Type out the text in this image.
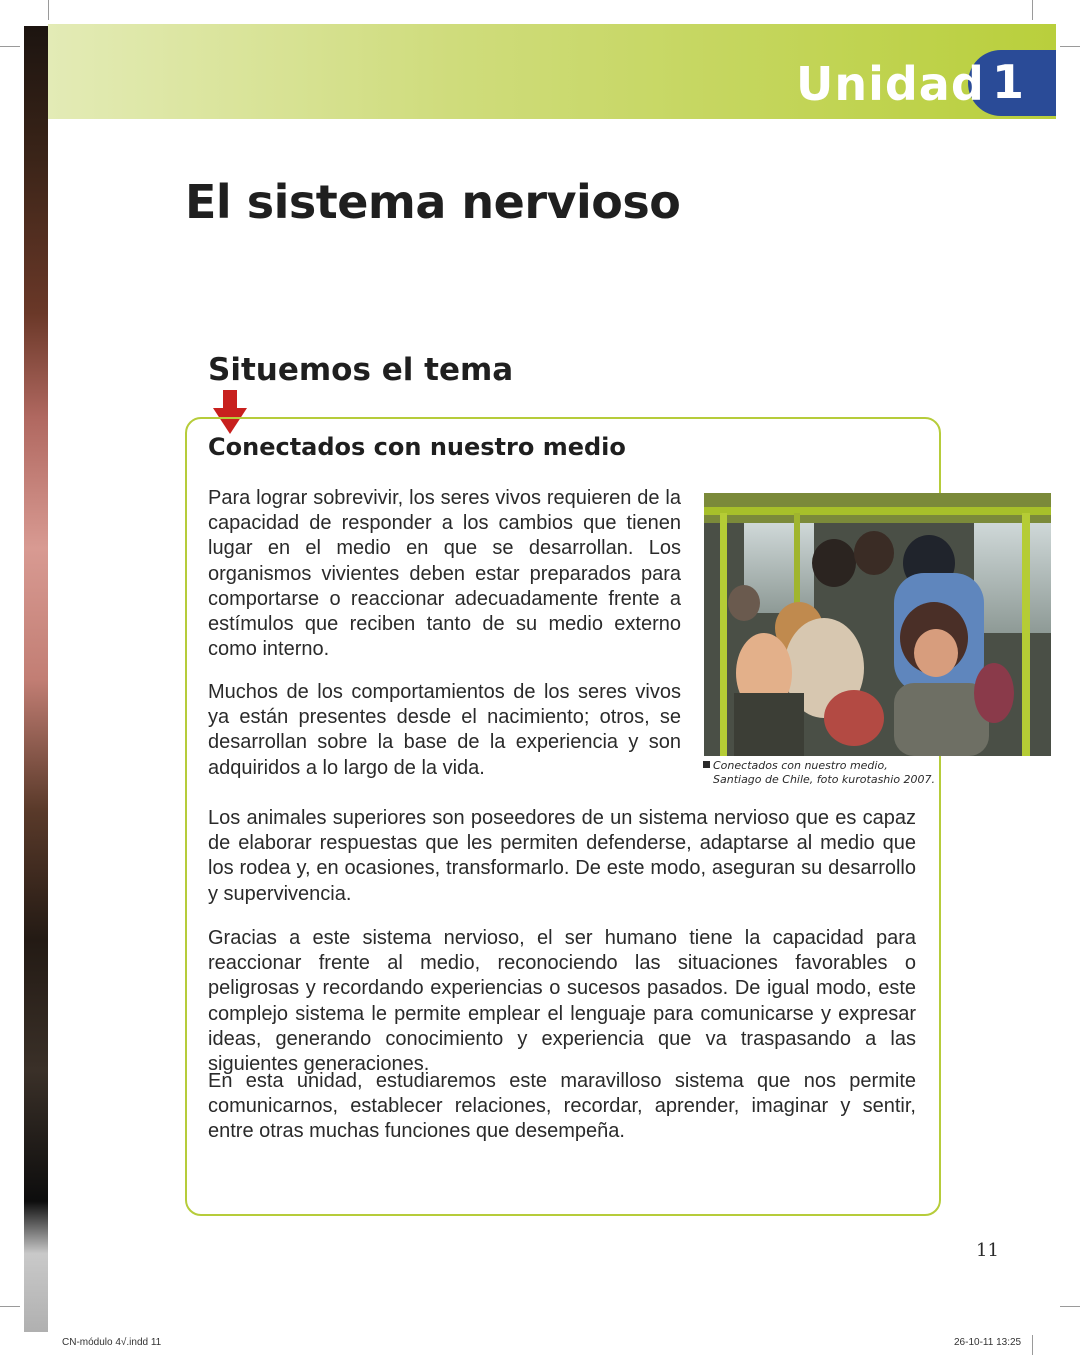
Unidad 1
El sistema nervioso
Situemos el tema
Conectados con nuestro medio

Para lograr sobrevivir, los seres vivos requieren de la capacidad de responder a los cambios que tienen lugar en el medio en que se desarrollan. Los organismos vivientes deben estar preparados para comportarse o reaccionar adecuadamente frente a estímulos que reciben tanto de su medio externo como interno.

Muchos de los comportamientos de los seres vivos ya están presentes desde el nacimiento; otros, se desarrollan sobre la base de la experiencia y son adquiridos a lo largo de la vida.	Conectados con nuestro medio,
Santiago de Chile, foto kurotashio 2007.

Los animales superiores son poseedores de un sistema nervioso que es capaz de elaborar respuestas que les permiten defenderse, adaptarse al medio que los rodea y, en ocasiones, transformarlo. De este modo, aseguran su desarrollo y supervivencia.

Gracias a este sistema nervioso, el ser humano tiene la capacidad para reaccionar frente al medio, reconociendo las situaciones favorables o peligrosas y recordando experiencias o sucesos pasados. De igual modo, este complejo sistema le permite emplear el lenguaje para comunicarse y expresar ideas, generando conocimiento y experiencia que va traspasando a las siguientes generaciones.

En esta unidad, estudiaremos este maravilloso sistema que nos permite comunicarnos, establecer relaciones, recordar, aprender, imaginar y sentir, entre otras muchas funciones que desempeña.

11
CN-módulo 4√.indd 11	26-10-11 13:25
